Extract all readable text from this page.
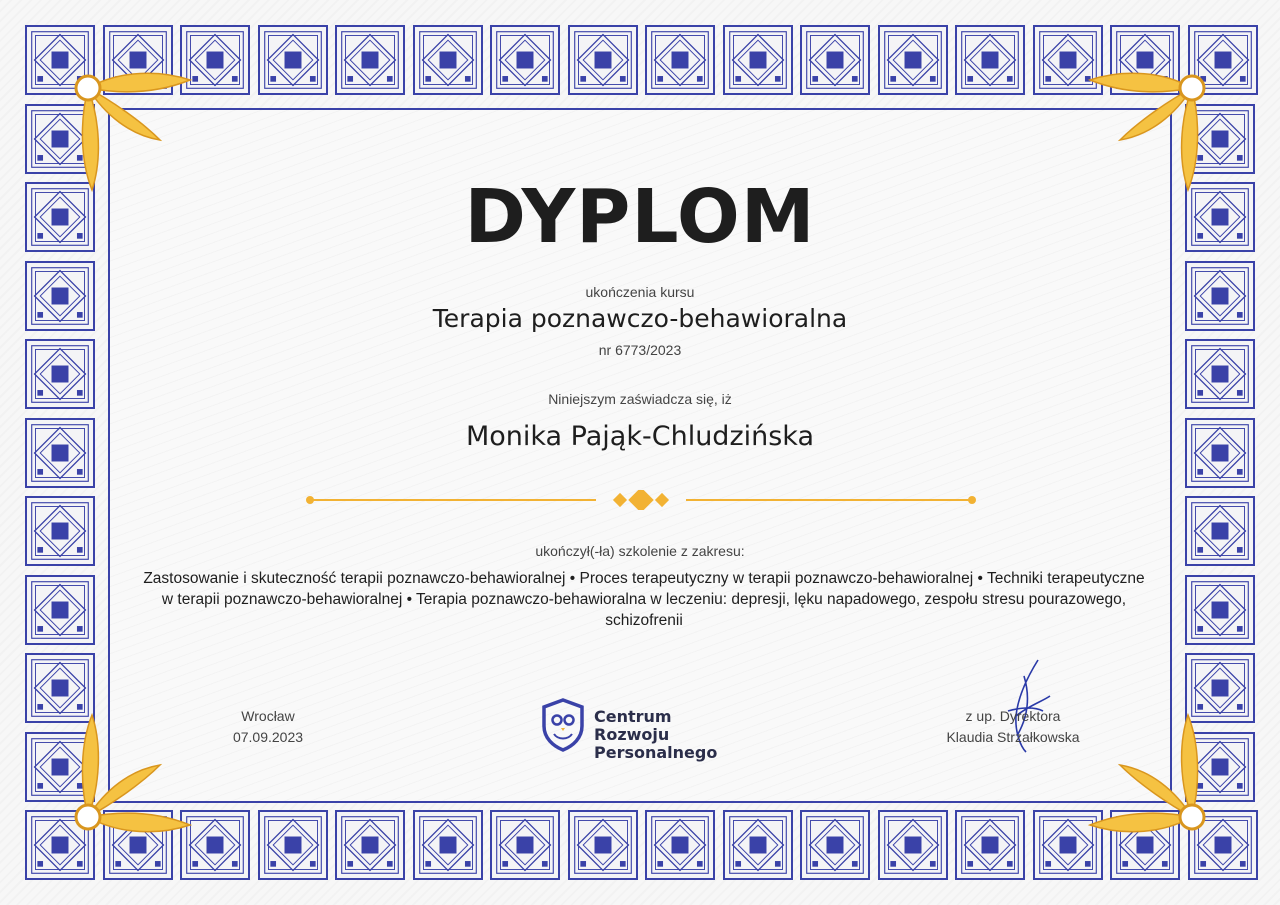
DYPLOM
ukończenia kursu
Terapia poznawczo-behawioralna
nr 6773/2023
Niniejszym zaświadcza się, iż
Monika Pająk-Chludzińska
ukończył(-ła) szkolenie z zakresu:
Zastosowanie i skuteczność terapii poznawczo-behawioralnej • Proces terapeutyczny w terapii poznawczo-behawioralnej • Techniki terapeutyczne w terapii poznawczo-behawioralnej • Terapia poznawczo-behawioralna w leczeniu: depresji, lęku napadowego, zespołu stresu pourazowego, schizofrenii
Wrocław
07.09.2023
Centrum Rozwoju
Personalnego
z up. Dyrektora
Klaudia Strzałkowska
